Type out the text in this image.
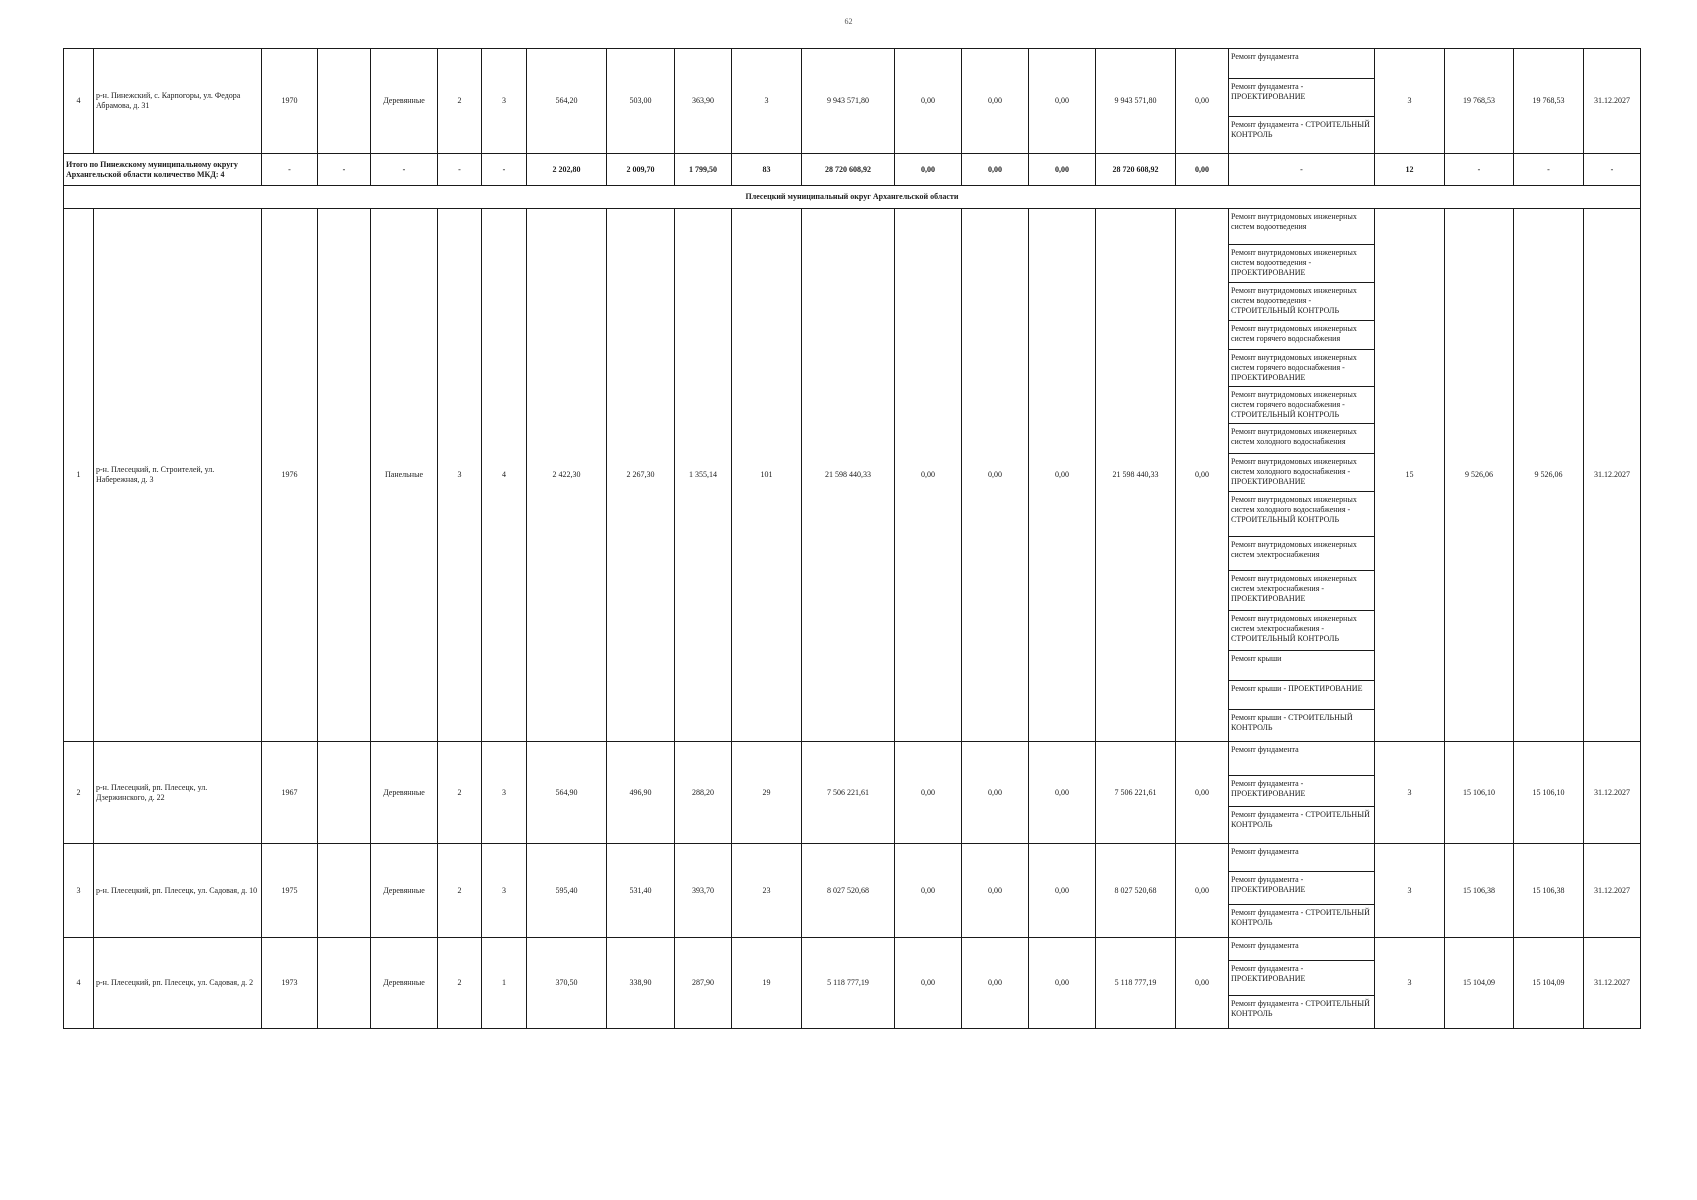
62
4	р-н. Пинежский, с. Карпогоры, ул. Федора Абрамова, д. 31	1970		Деревянные	2	3	564,20	503,00	363,90	3	9 943 571,80	0,00	0,00	0,00	9 943 571,80	0,00	Ремонт фундамента	3	19 768,53	19 768,53	31.12.2027
																	Ремонт фундамента - ПРОЕКТИРОВАНИЕ				
																	Ремонт фундамента - СТРОИТЕЛЬНЫЙ КОНТРОЛЬ				
Итого по Пинежскому муниципальному округу Архангельской области количество МКД: 4		-	-	-	-	-	2 202,80	2 009,70	1 799,50	83	28 720 608,92	0,00	0,00	0,00	28 720 608,92	0,00	-	12	-	-	-
Плесецкий муниципальный округ Архангельской области																					
1	р-н. Плесецкий, п. Строителей, ул. Набережная, д. 3	1976		Панельные	3	4	2 422,30	2 267,30	1 355,14	101	21 598 440,33	0,00	0,00	0,00	21 598 440,33	0,00	Ремонт внутридомовых инженерных систем водоотведения	15	9 526,06	9 526,06	31.12.2027
																	Ремонт внутридомовых инженерных систем водоотведения - ПРОЕКТИРОВАНИЕ				
																	Ремонт внутридомовых инженерных систем водоотведения - СТРОИТЕЛЬНЫЙ КОНТРОЛЬ				
																	Ремонт внутридомовых инженерных систем горячего водоснабжения				
																	Ремонт внутридомовых инженерных систем горячего водоснабжения - ПРОЕКТИРОВАНИЕ				
																	Ремонт внутридомовых инженерных систем горячего водоснабжения - СТРОИТЕЛЬНЫЙ КОНТРОЛЬ				
																	Ремонт внутридомовых инженерных систем холодного водоснабжения				
																	Ремонт внутридомовых инженерных систем холодного водоснабжения - ПРОЕКТИРОВАНИЕ				
																	Ремонт внутридомовых инженерных систем холодного водоснабжения - СТРОИТЕЛЬНЫЙ КОНТРОЛЬ				
																	Ремонт внутридомовых инженерных систем электроснабжения				
																	Ремонт внутридомовых инженерных систем электроснабжения - ПРОЕКТИРОВАНИЕ				
																	Ремонт внутридомовых инженерных систем электроснабжения - СТРОИТЕЛЬНЫЙ КОНТРОЛЬ				
																	Ремонт крыши				
																	Ремонт крыши - ПРОЕКТИРОВАНИЕ				
																	Ремонт крыши - СТРОИТЕЛЬНЫЙ КОНТРОЛЬ				
2	р-н. Плесецкий, рп. Плесецк, ул. Дзержинского, д. 22	1967		Деревянные	2	3	564,90	496,90	288,20	29	7 506 221,61	0,00	0,00	0,00	7 506 221,61	0,00	Ремонт фундамента	3	15 106,10	15 106,10	31.12.2027
																	Ремонт фундамента - ПРОЕКТИРОВАНИЕ				
																	Ремонт фундамента - СТРОИТЕЛЬНЫЙ КОНТРОЛЬ				
3	р-н. Плесецкий, рп. Плесецк, ул. Садовая, д. 10	1975		Деревянные	2	3	595,40	531,40	393,70	23	8 027 520,68	0,00	0,00	0,00	8 027 520,68	0,00	Ремонт фундамента	3	15 106,38	15 106,38	31.12.2027
																	Ремонт фундамента - ПРОЕКТИРОВАНИЕ				
																	Ремонт фундамента - СТРОИТЕЛЬНЫЙ КОНТРОЛЬ				
4	р-н. Плесецкий, рп. Плесецк, ул. Садовая, д. 2	1973		Деревянные	2	1	370,50	338,90	287,90	19	5 118 777,19	0,00	0,00	0,00	5 118 777,19	0,00	Ремонт фундамента	3	15 104,09	15 104,09	31.12.2027
																	Ремонт фундамента - ПРОЕКТИРОВАНИЕ				
																	Ремонт фундамента - СТРОИТЕЛЬНЫЙ КОНТРОЛЬ				
